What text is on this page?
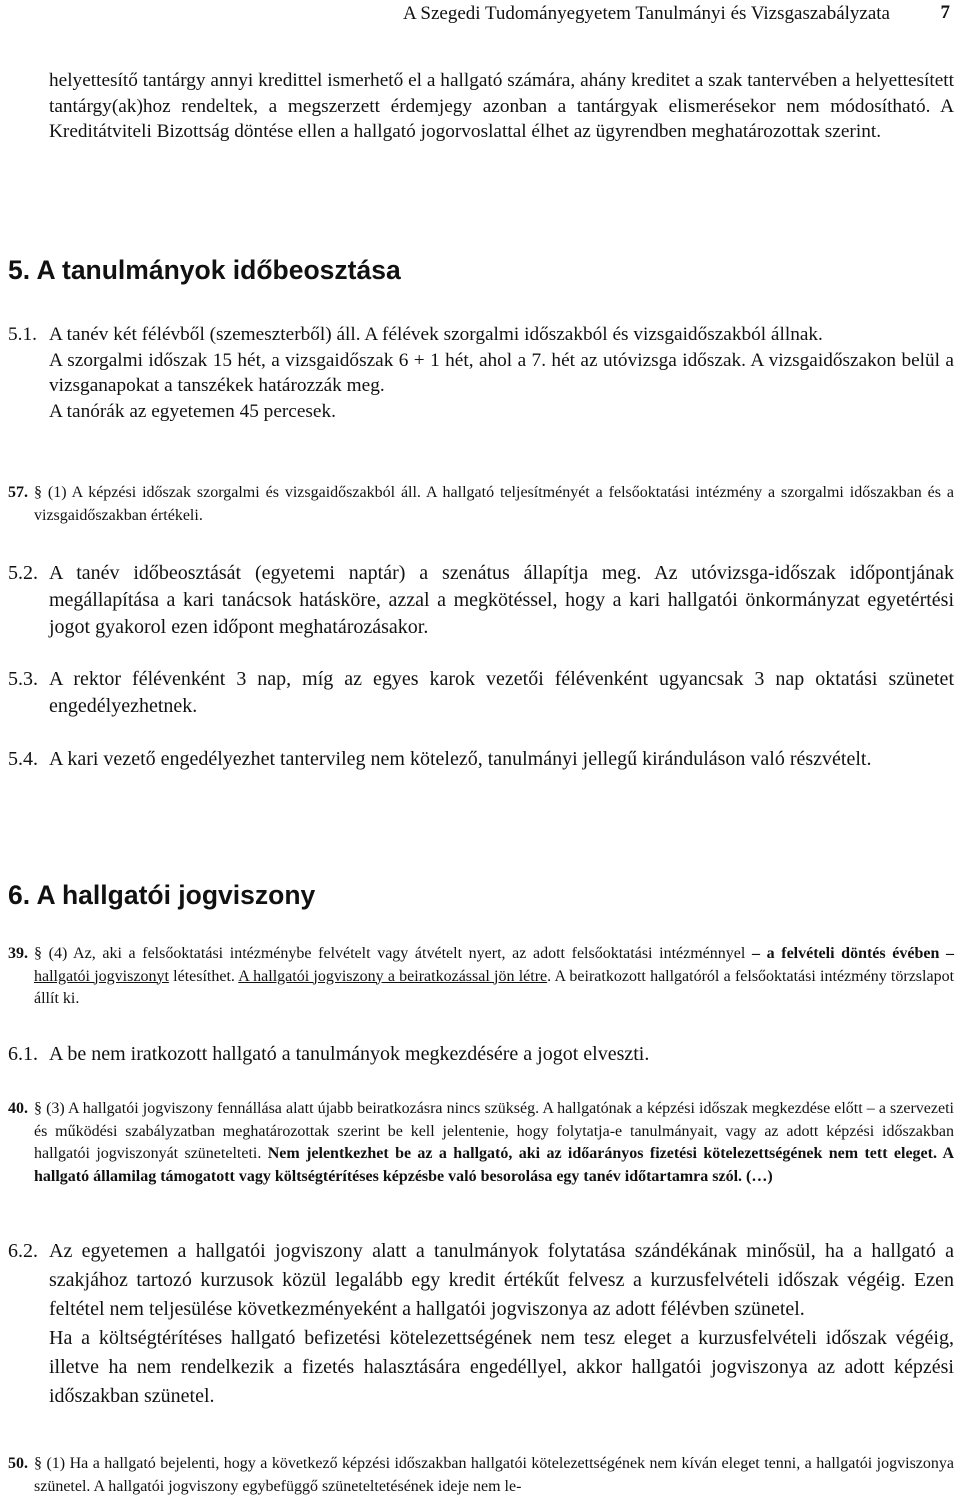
A Szegedi Tudományegyetem Tanulmányi és Vizsgaszabályzata	7
helyettesítő tantárgy annyi kredittel ismerhető el a hallgató számára, ahány kreditet a szak tantervében a helyettesített tantárgy(ak)hoz rendeltek, a megszerzett érdemjegy azonban a tantárgyak elismerésekor nem módosítható. A Kreditátviteli Bizottság döntése ellen a hallgató jogorvoslattal élhet az ügyrendben meghatározottak szerint.
5. A tanulmányok időbeosztása
5.1. A tanév két félévből (szemeszterből) áll. A félévek szorgalmi időszakból és vizsgaidőszakból állnak.
A szorgalmi időszak 15 hét, a vizsgaidőszak 6 + 1 hét, ahol a 7. hét az utóvizsga időszak. A vizsgaidőszakon belül a vizsganapokat a tanszékek határozzák meg.
A tanórák az egyetemen 45 percesek.
57. § (1) A képzési időszak szorgalmi és vizsgaidőszakból áll. A hallgató teljesítményét a felsőoktatási intézmény a szorgalmi időszakban és a vizsgaidőszakban értékeli.
5.2. A tanév időbeosztását (egyetemi naptár) a szenátus állapítja meg. Az utóvizsga-időszak időpontjának megállapítása a kari tanácsok hatásköre, azzal a megkötéssel, hogy a kari hallgatói önkormányzat egyetértési jogot gyakorol ezen időpont meghatározásakor.
5.3. A rektor félévenként 3 nap, míg az egyes karok vezetői félévenként ugyancsak 3 nap oktatási szünetet engedélyezhetnek.
5.4. A kari vezető engedélyezhet tantervileg nem kötelező, tanulmányi jellegű kiránduláson való részvételt.
6. A hallgatói jogviszony
39. § (4) Az, aki a felsőoktatási intézménybe felvételt vagy átvételt nyert, az adott felsőoktatási intézménnyel – a felvételi döntés évében – hallgatói jogviszonyt létesíthet. A hallgatói jogviszony a beiratkozással jön létre. A beiratkozott hallgatóról a felsőoktatási intézmény törzslapot állít ki.
6.1. A be nem iratkozott hallgató a tanulmányok megkezdésére a jogot elveszti.
40. § (3) A hallgatói jogviszony fennállása alatt újabb beiratkozásra nincs szükség. A hallgatónak a képzési időszak megkezdése előtt – a szervezeti és működési szabályzatban meghatározottak szerint be kell jelentenie, hogy folytatja-e tanulmányait, vagy az adott képzési időszakban hallgatói jogviszonyát szünetelteti. Nem jelentkezhet be az a hallgató, aki az időarányos fizetési kötelezettségének nem tett eleget. A hallgató államilag támogatott vagy költségtérítéses képzésbe való besorolása egy tanév időtartamra szól. (…)
6.2. Az egyetemen a hallgatói jogviszony alatt a tanulmányok folytatása szándékának minősül, ha a hallgató a szakjához tartozó kurzusok közül legalább egy kredit értékűt felvesz a kurzusfelvételi időszak végéig. Ezen feltétel nem teljesülése következményeként a hallgatói jogviszonya az adott félévben szünetel.
Ha a költségtérítéses hallgató befizetési kötelezettségének nem tesz eleget a kurzusfelvételi időszak végéig, illetve ha nem rendelkezik a fizetés halasztására engedéllyel, akkor hallgatói jogviszonya az adott képzési időszakban szünetel.
50. § (1) Ha a hallgató bejelenti, hogy a következő képzési időszakban hallgatói kötelezettségének nem kíván eleget tenni, a hallgatói jogviszonya szünetel. A hallgatói jogviszony egybefüggő szüneteltetésének ideje nem le-
